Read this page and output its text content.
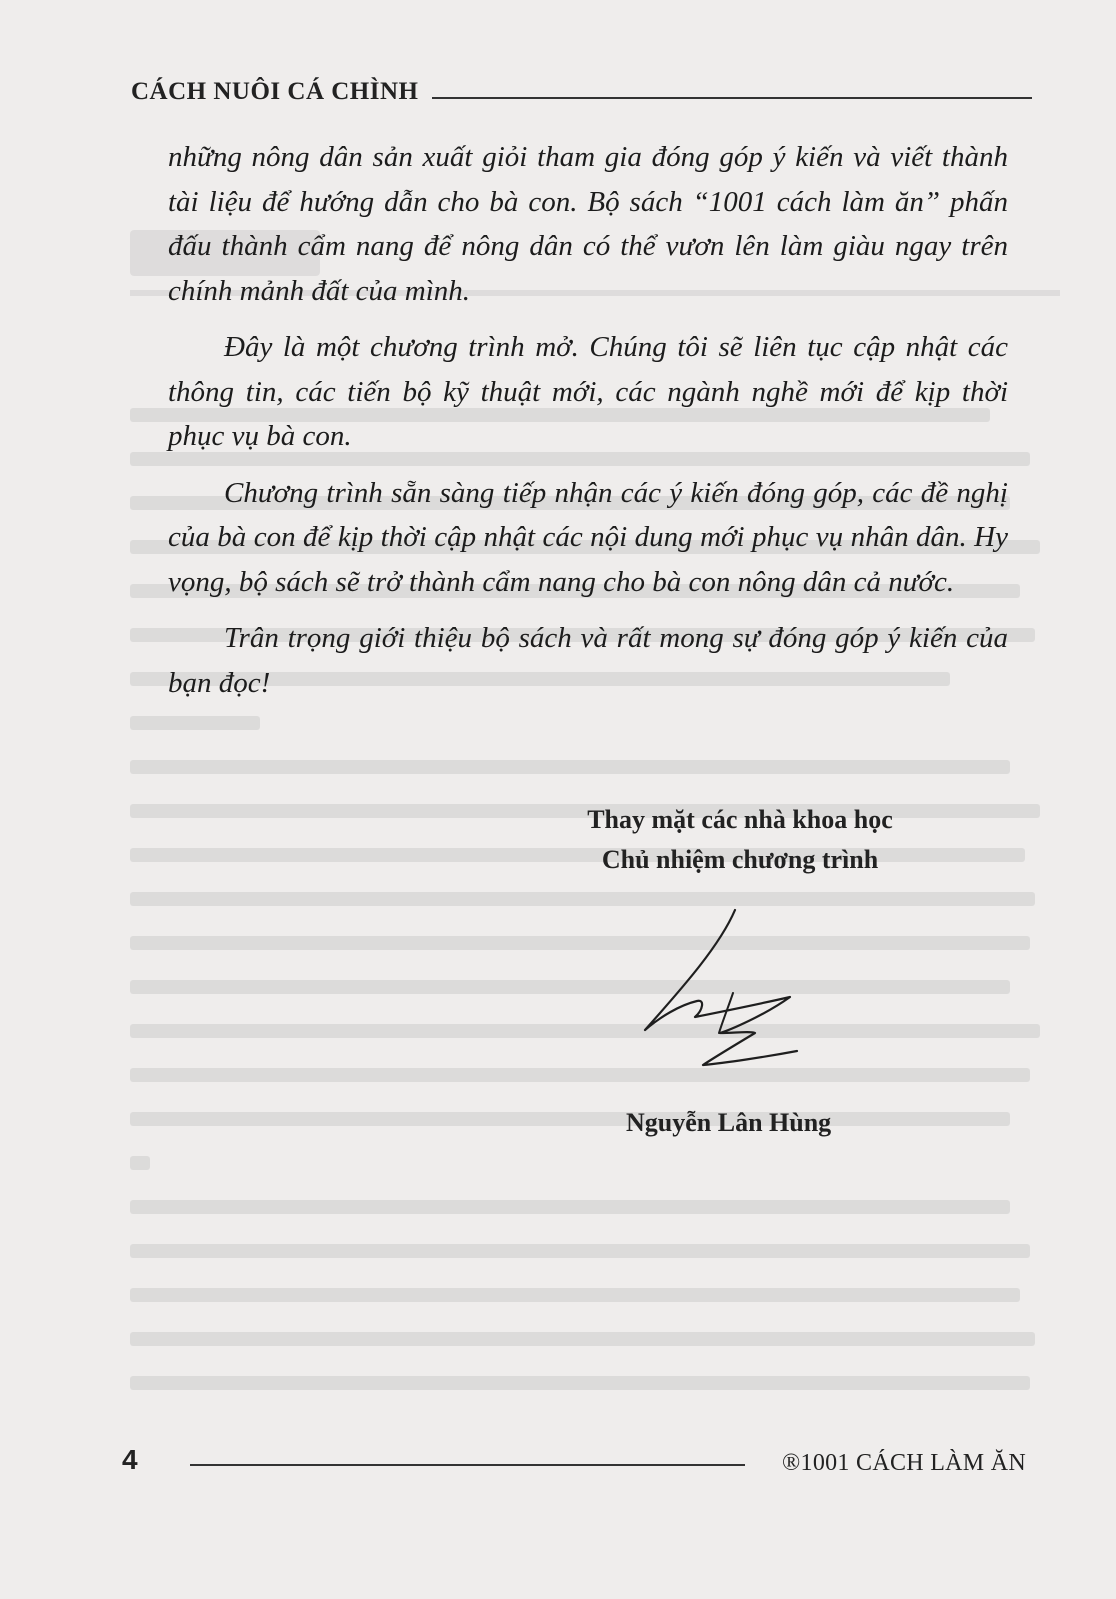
CÁCH NUÔI CÁ CHÌNH

những nông dân sản xuất giỏi tham gia đóng góp ý kiến và viết thành tài liệu để hướng dẫn cho bà con. Bộ sách “1001 cách làm ăn” phấn đấu thành cẩm nang để nông dân có thể vươn lên làm giàu ngay trên chính mảnh đất của mình.

Đây là một chương trình mở. Chúng tôi sẽ liên tục cập nhật các thông tin, các tiến bộ kỹ thuật mới, các ngành nghề mới để kịp thời phục vụ bà con.

Chương trình sẵn sàng tiếp nhận các ý kiến đóng góp, các đề nghị của bà con để kịp thời cập nhật các nội dung mới phục vụ nhân dân. Hy vọng, bộ sách sẽ trở thành cẩm nang cho bà con nông dân cả nước.

Trân trọng giới thiệu bộ sách và rất mong sự đóng góp ý kiến của bạn đọc!

Thay mặt các nhà khoa học
Chủ nhiệm chương trình
Nguyễn Lân Hùng
4	®1001 CÁCH LÀM ĂN
